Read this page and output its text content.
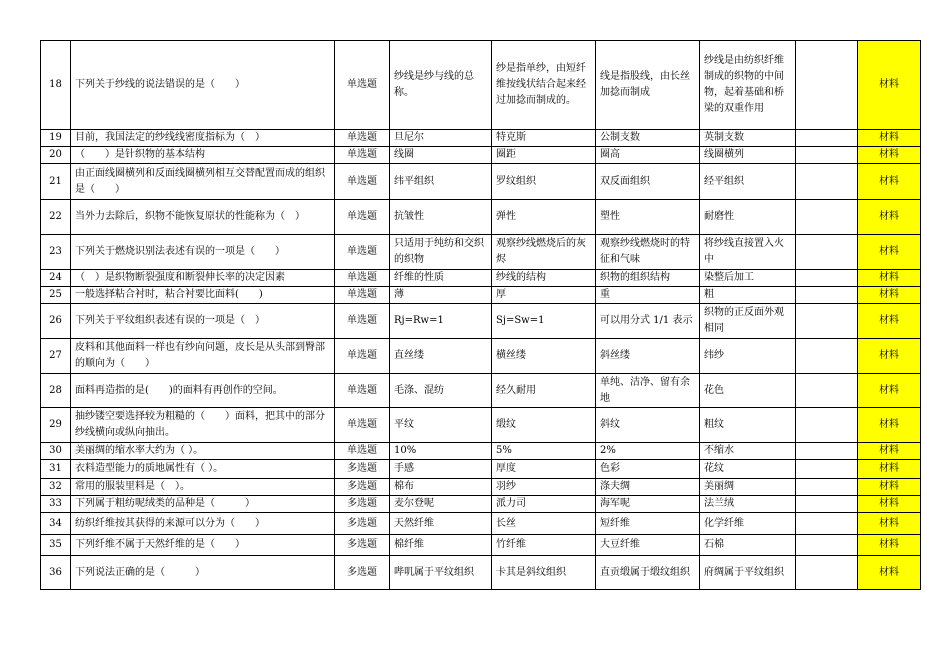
18	下列关于纱线的说法错误的是（　　）	单选题	纱线是纱与线的总称。	纱是指单纱，由短纤维按线状结合起来经过加捻而制成的。	线是指股线，由长丝加捻而制成	纱线是由纺织纤维制成的织物的中间物，起着基础和桥梁的双重作用		材料
19	目前，我国法定的纱线线密度指标为（　）	单选题	旦尼尔	特克斯	公制支数	英制支数		材料
20	（　　）是针织物的基本结构	单选题	线圈	圈距	圈高	线圈横列		材料
21	由正面线圈横列和反面线圈横列相互交替配置而成的组织是（　　）	单选题	纬平组织	罗纹组织	双反面组织	经平组织		材料
22	当外力去除后，织物不能恢复原状的性能称为（　）	单选题	抗皱性	弹性	塑性	耐磨性		材料
23	下列关于燃烧识别法表述有误的一项是（　　）	单选题	只适用于纯纺和交织的织物	观察纱线燃烧后的灰烬	观察纱线燃烧时的特征和气味	将纱线直接置入火中		材料
24	（　）是织物断裂强度和断裂伸长率的决定因素	单选题	纤维的性质	纱线的结构	织物的组织结构	染整后加工		材料
25	一般选择粘合衬时，粘合衬要比面料(　　)	单选题	薄	厚	重	粗		材料
26	下列关于平纹组织表述有误的一项是（　）	单选题	Rj=Rw=1	Sj=Sw=1	可以用分式 1/1 表示	织物的正反面外观相同		材料
27	皮料和其他面料一样也有纱向问题，皮长是从头部到臀部的顺向为（　　）	单选题	直丝缕	横丝缕	斜丝缕	纬纱		材料
28	面料再造指的是(　　)的面料有再创作的空间。	单选题	毛涤、混纺	经久耐用	单纯、洁净、留有余地	花色		材料
29	抽纱镂空要选择较为粗糙的（　　）面料，把其中的部分纱线横向或纵向抽出。	单选题	平纹	缎纹	斜纹	粗纹		材料
30	美丽绸的缩水率大约为（ ）。	单选题	10%	5%	2%	不缩水		材料
31	衣料造型能力的质地属性有（ ）。	多选题	手感	厚度	色彩	花纹		材料
32	常用的服装里料是（　）。	多选题	棉布	羽纱	涤夫绸	美丽绸		材料
33	下列属于粗纺呢绒类的品种是（　　　）	多选题	麦尔登呢	派力司	海军呢	法兰绒		材料
34	纺织纤维按其获得的来源可以分为（　　）	多选题	天然纤维	长丝	短纤维	化学纤维		材料
35	下列纤维不属于天然纤维的是（　　）	多选题	棉纤维	竹纤维	大豆纤维	石棉		材料
36	下列说法正确的是（　　　）	多选题	哔叽属于平纹组织	卡其是斜纹组织	直贡缎属于缎纹组织	府绸属于平纹组织		材料
